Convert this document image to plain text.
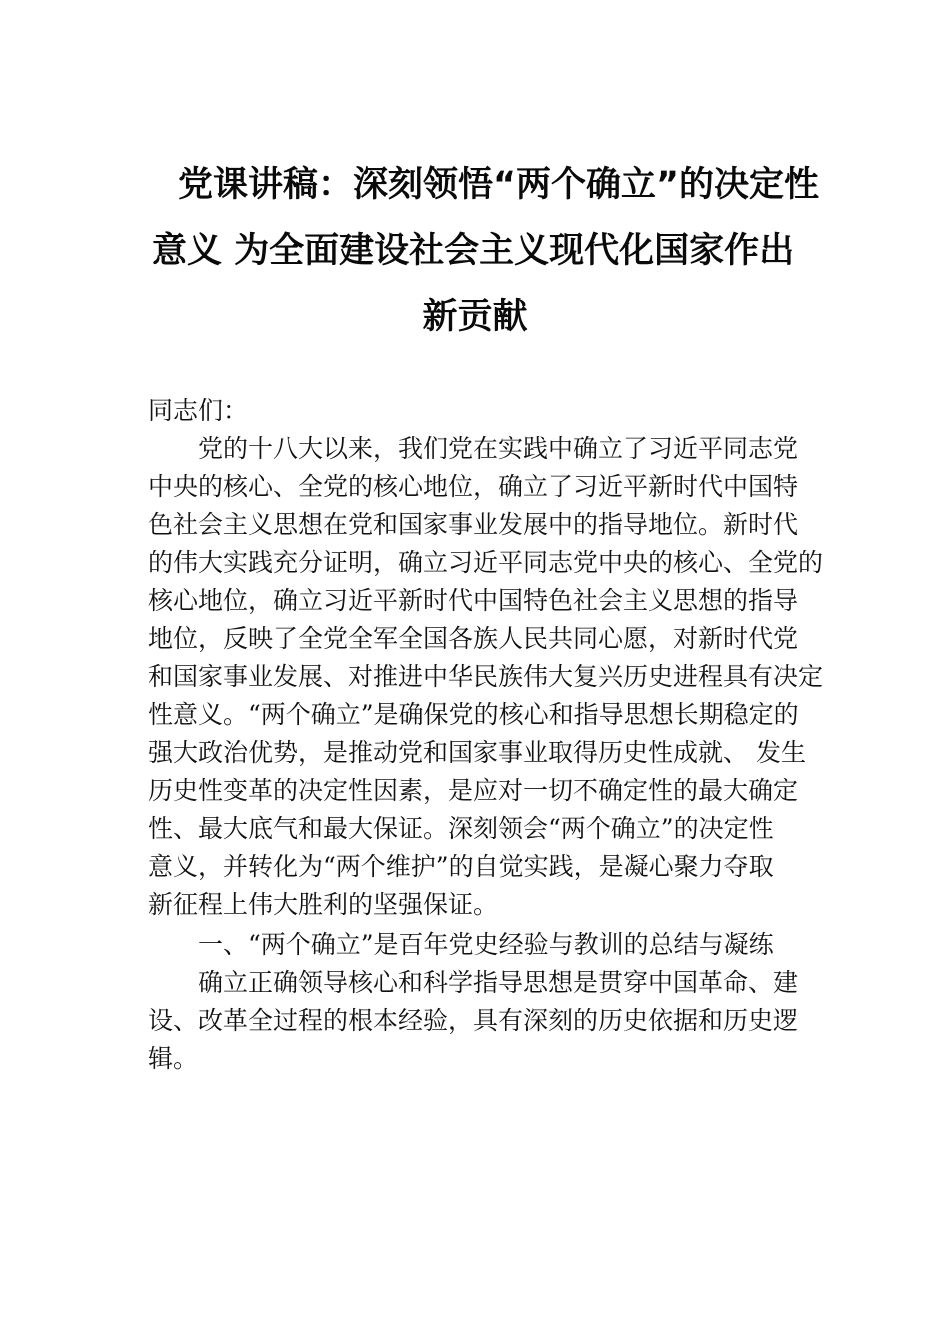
党课讲稿：深刻领悟“两个确立”的决定性
意义 为全面建设社会主义现代化国家作出
新贡献
同志们：
党的十八大以来，我们党在实践中确立了习近平同志党
中央的核心、全党的核心地位，确立了习近平新时代中国特
色社会主义思想在党和国家事业发展中的指导地位。新时代
的伟大实践充分证明，确立习近平同志党中央的核心、全党的
核心地位，确立习近平新时代中国特色社会主义思想的指导
地位，反映了全党全军全国各族人民共同心愿，对新时代党
和国家事业发展、对推进中华民族伟大复兴历史进程具有决定
性意义。“两个确立”是确保党的核心和指导思想长期稳定的
强大政治优势，是推动党和国家事业取得历史性成就、 发生
历史性变革的决定性因素，是应对一切不确定性的最大确定
性、最大底气和最大保证。深刻领会“两个确立”的决定性
意义，并转化为“两个维护”的自觉实践，是凝心聚力夺取
新征程上伟大胜利的坚强保证。
一、“两个确立”是百年党史经验与教训的总结与凝练
确立正确领导核心和科学指导思想是贯穿中国革命、建
设、改革全过程的根本经验，具有深刻的历史依据和历史逻
辑。
